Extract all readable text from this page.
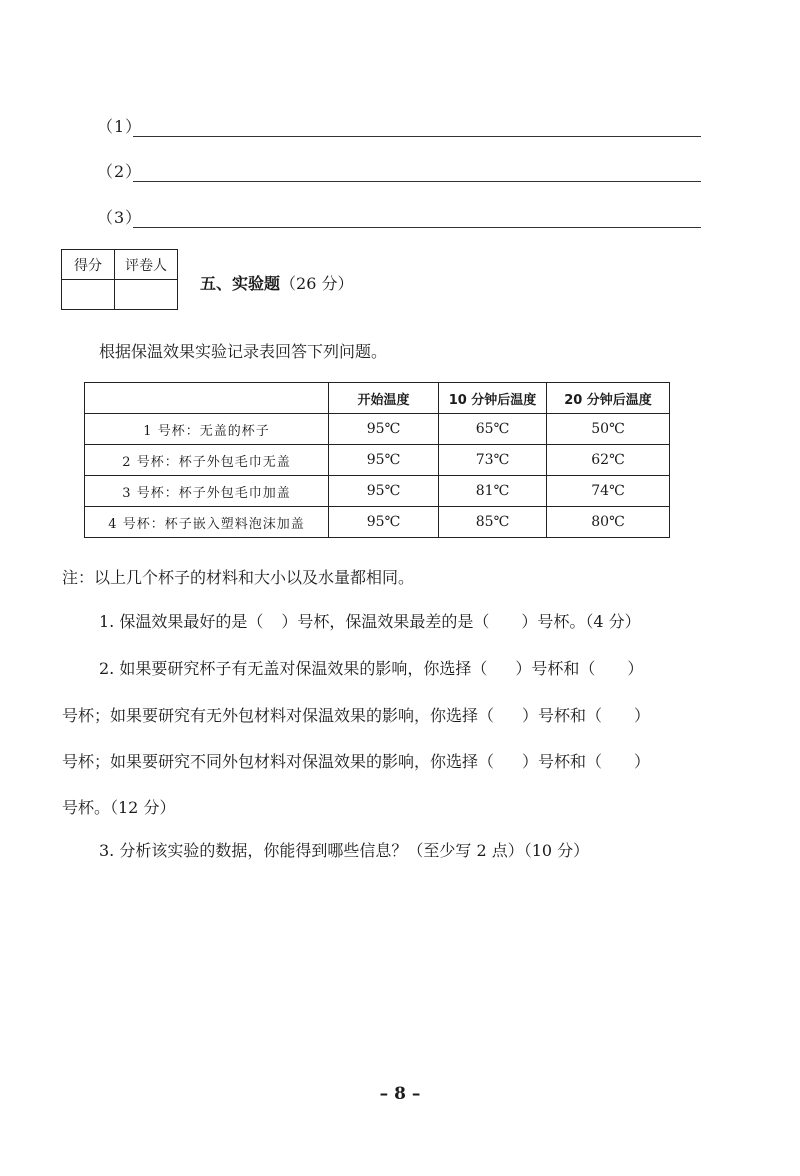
（1）
（2）
（3）
得分	评卷人

五、实验题（26 分）
根据保温效果实验记录表回答下列问题。
	开始温度	10 分钟后温度	20 分钟后温度
1 号杯：无盖的杯子	95℃	65℃	50℃
2 号杯：杯子外包毛巾无盖	95℃	73℃	62℃
3 号杯：杯子外包毛巾加盖	95℃	81℃	74℃
4 号杯：杯子嵌入塑料泡沫加盖	95℃	85℃	80℃
注：以上几个杯子的材料和大小以及水量都相同。
1. 保温效果最好的是（ ）号杯，保温效果最差的是（ ）号杯。（4 分）
2. 如果要研究杯子有无盖对保温效果的影响，你选择（ ）号杯和（ ）
号杯；如果要研究有无外包材料对保温效果的影响，你选择（ ）号杯和（ ）
号杯；如果要研究不同外包材料对保温效果的影响，你选择（ ）号杯和（ ）
号杯。（12 分）
3. 分析该实验的数据，你能得到哪些信息？（至少写 2 点）（10 分）
– 8 –
